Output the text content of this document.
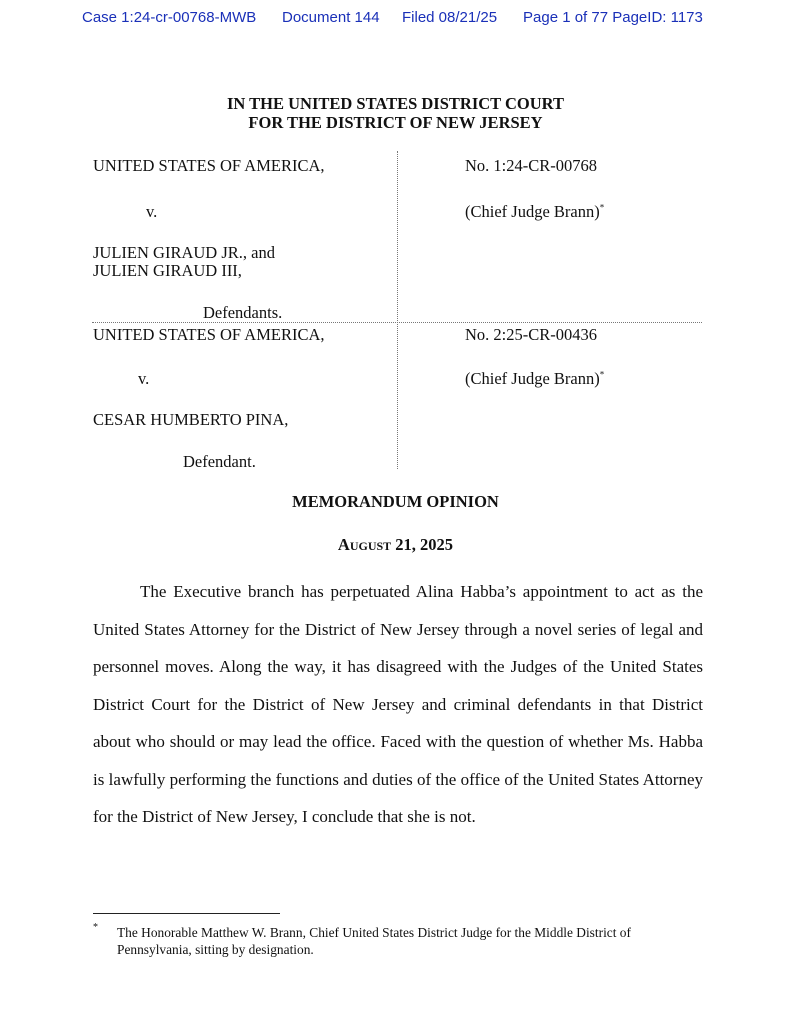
Case 1:24-cr-00768-MWB Document 144 Filed 08/21/25 Page 1 of 77 PageID: 1173
IN THE UNITED STATES DISTRICT COURT
FOR THE DISTRICT OF NEW JERSEY
UNITED STATES OF AMERICA,
v.
JULIEN GIRAUD JR., and
JULIEN GIRAUD III,
Defendants.
No. 1:24-CR-00768
(Chief Judge Brann)*
UNITED STATES OF AMERICA,
v.
CESAR HUMBERTO PINA,
Defendant.
No. 2:25-CR-00436
(Chief Judge Brann)*
MEMORANDUM OPINION
August 21, 2025

The Executive branch has perpetuated Alina Habba’s appointment to act as the United States Attorney for the District of New Jersey through a novel series of legal and personnel moves. Along the way, it has disagreed with the Judges of the United States District Court for the District of New Jersey and criminal defendants in that District about who should or may lead the office. Faced with the question of whether Ms. Habba is lawfully performing the functions and duties of the office of the United States Attorney for the District of New Jersey, I conclude that she is not.

* The Honorable Matthew W. Brann, Chief United States District Judge for the Middle District of Pennsylvania, sitting by designation.
